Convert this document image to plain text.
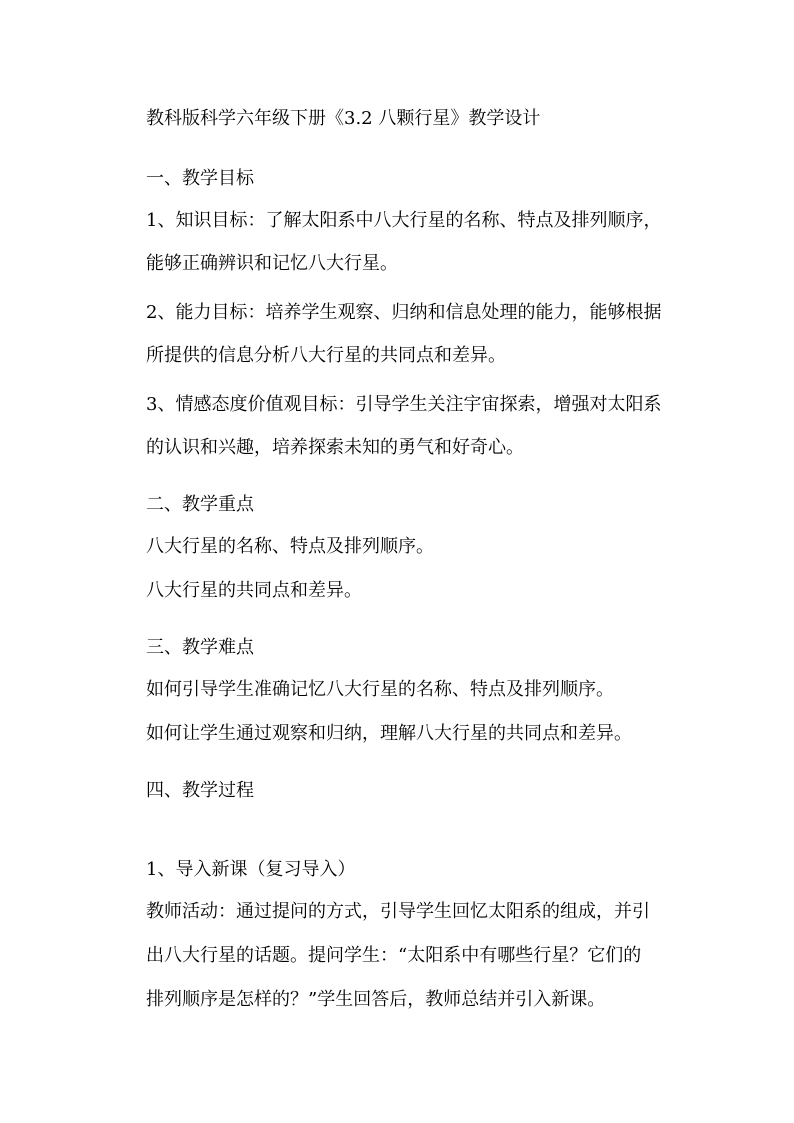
教科版科学六年级下册《3.2 八颗行星》教学设计

一、教学目标

1、知识目标：了解太阳系中八大行星的名称、特点及排列顺序，

能够正确辨识和记忆八大行星。

2、能力目标：培养学生观察、归纳和信息处理的能力，能够根据

所提供的信息分析八大行星的共同点和差异。

3、情感态度价值观目标：引导学生关注宇宙探索，增强对太阳系

的认识和兴趣，培养探索未知的勇气和好奇心。

二、教学重点

八大行星的名称、特点及排列顺序。

八大行星的共同点和差异。

三、教学难点

如何引导学生准确记忆八大行星的名称、特点及排列顺序。

如何让学生通过观察和归纳，理解八大行星的共同点和差异。

四、教学过程

1、导入新课（复习导入）

教师活动：通过提问的方式，引导学生回忆太阳系的组成，并引

出八大行星的话题。提问学生：“太阳系中有哪些行星？它们的

排列顺序是怎样的？”学生回答后，教师总结并引入新课。
